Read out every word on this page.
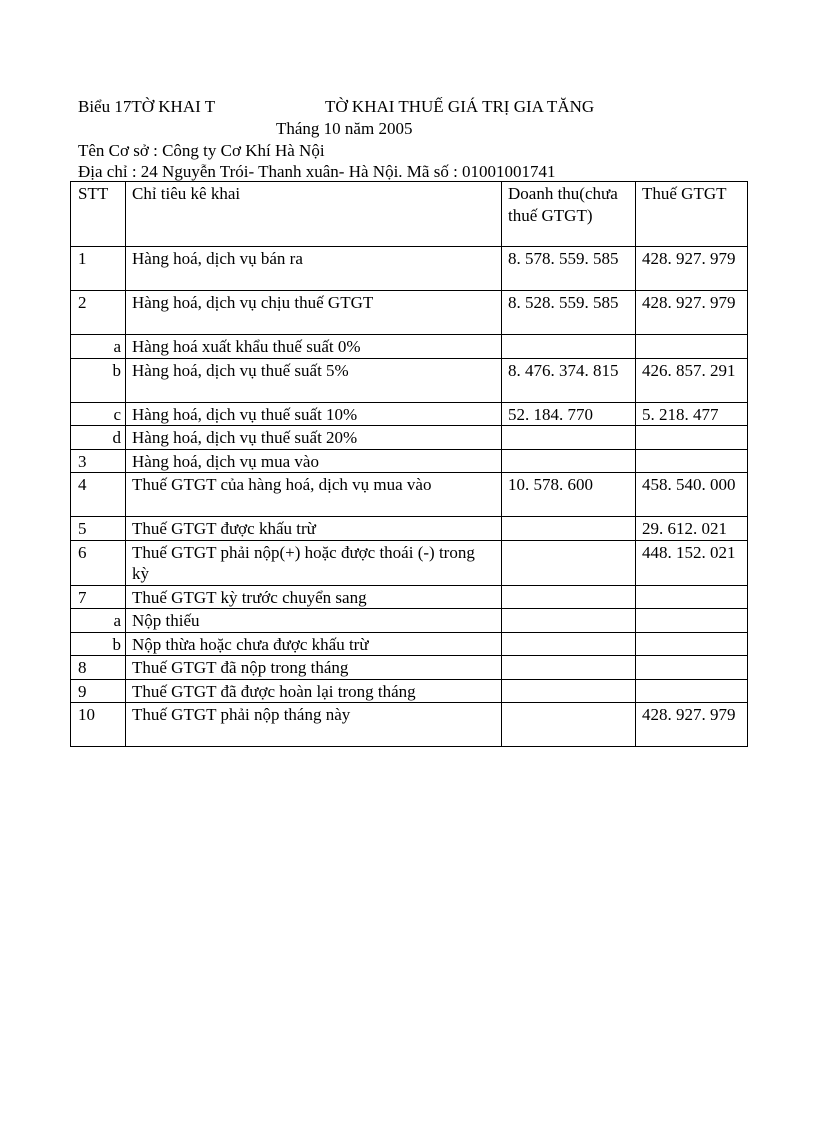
Biểu 17TỜ KHAI T	TỜ KHAI THUẾ GIÁ TRỊ GIA TĂNG
Tháng 10 năm 2005
Tên Cơ sở : Công ty Cơ Khí Hà Nội
Địa chỉ : 24 Nguyễn Trói- Thanh xuân- Hà Nội. Mã số : 01001001741
STT	Chỉ tiêu kê khai	Doanh thu(chưa thuế GTGT)	Thuế GTGT
1	Hàng hoá, dịch vụ bán ra	8. 578. 559. 585	428. 927. 979
2	Hàng hoá, dịch vụ chịu thuế GTGT	8. 528. 559. 585	428. 927. 979
a	Hàng hoá xuất khẩu thuế suất 0%		
b	Hàng hoá, dịch vụ thuế suất 5%	8. 476. 374. 815	426. 857. 291
c	Hàng hoá, dịch vụ thuế suất 10%	52. 184. 770	5. 218. 477
d	Hàng hoá, dịch vụ thuế suất 20%		
3	Hàng hoá, dịch vụ mua vào		
4	Thuế GTGT của hàng hoá, dịch vụ mua vào	10. 578. 600	458. 540. 000
5	Thuế GTGT được khấu trừ		29. 612. 021
6	Thuế GTGT phải nộp(+) hoặc được thoái (-) trong kỳ		448. 152. 021
7	Thuế GTGT kỳ trước chuyển sang		
a	Nộp thiếu		
b	Nộp thừa hoặc chưa được khấu trừ		
8	Thuế GTGT đã nộp trong tháng		
9	Thuế GTGT đã được hoàn lại trong tháng		
10	Thuế GTGT phải nộp tháng này		428. 927. 979
